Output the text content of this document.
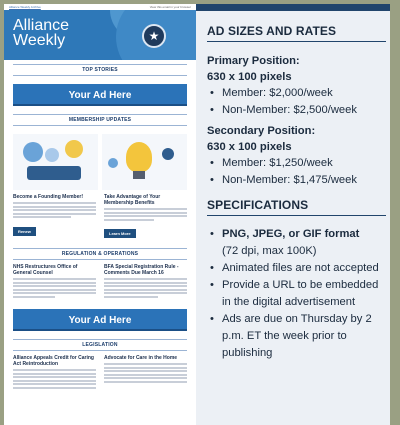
Alliance Weekly Archive	View this email in your browser
Alliance
Weekly	★
TOP STORIES
Your Ad Here
MEMBERSHIP UPDATES
Become a Founding Member!
Renew
Take Advantage of Your Membership Benefits
Learn More
REGULATION & OPERATIONS
NHS Restructures Office of General Counsel
BFA Special Registration Rule - Comments Due March 16
Your Ad Here
LEGISLATION
Alliance Appeals Credit for Caring Act Reintroduction
Advocate for Care in the Home
AD SIZES AND RATES
Primary Position:
630 x 100 pixels
• Member: $2,000/week
• Non-Member: $2,500/week
Secondary Position:
630 x 100 pixels
• Member: $1,250/week
• Non-Member: $1,475/week
SPECIFICATIONS
• PNG, JPEG, or GIF format
(72 dpi, max 100K)
• Animated files are not accepted
• Provide a URL to be embedded in the digital advertisement
• Ads are due on Thursday by 2 p.m. ET the week prior to publishing
